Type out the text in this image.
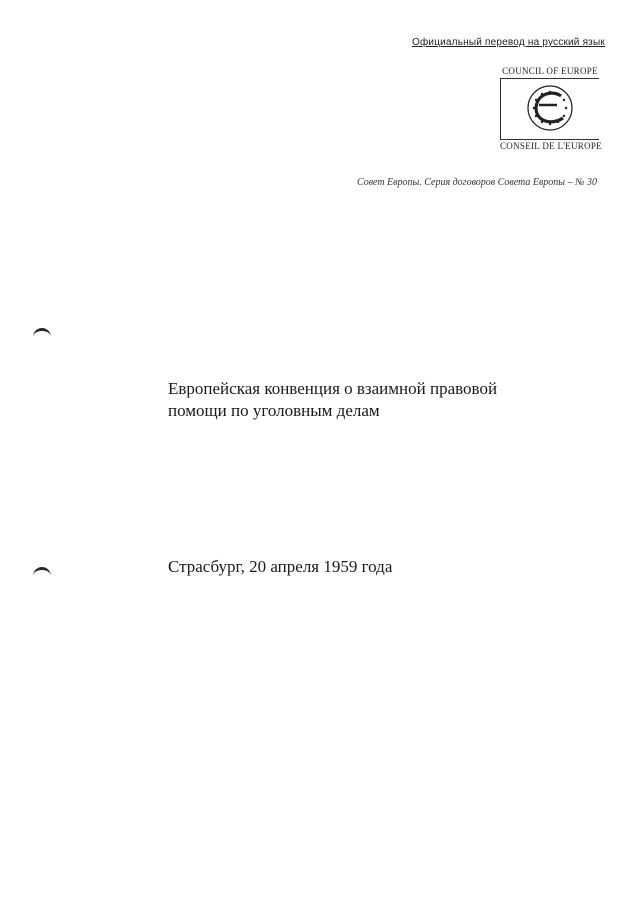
Официальный перевод на русский язык
COUNCIL OF EUROPE
CONSEIL DE L'EUROPE
Совет Европы. Серия договоров Совета Европы – № 30
Европейская конвенция о взаимной правовой
помощи по уголовным делам
Страсбург, 20 апреля 1959 года
